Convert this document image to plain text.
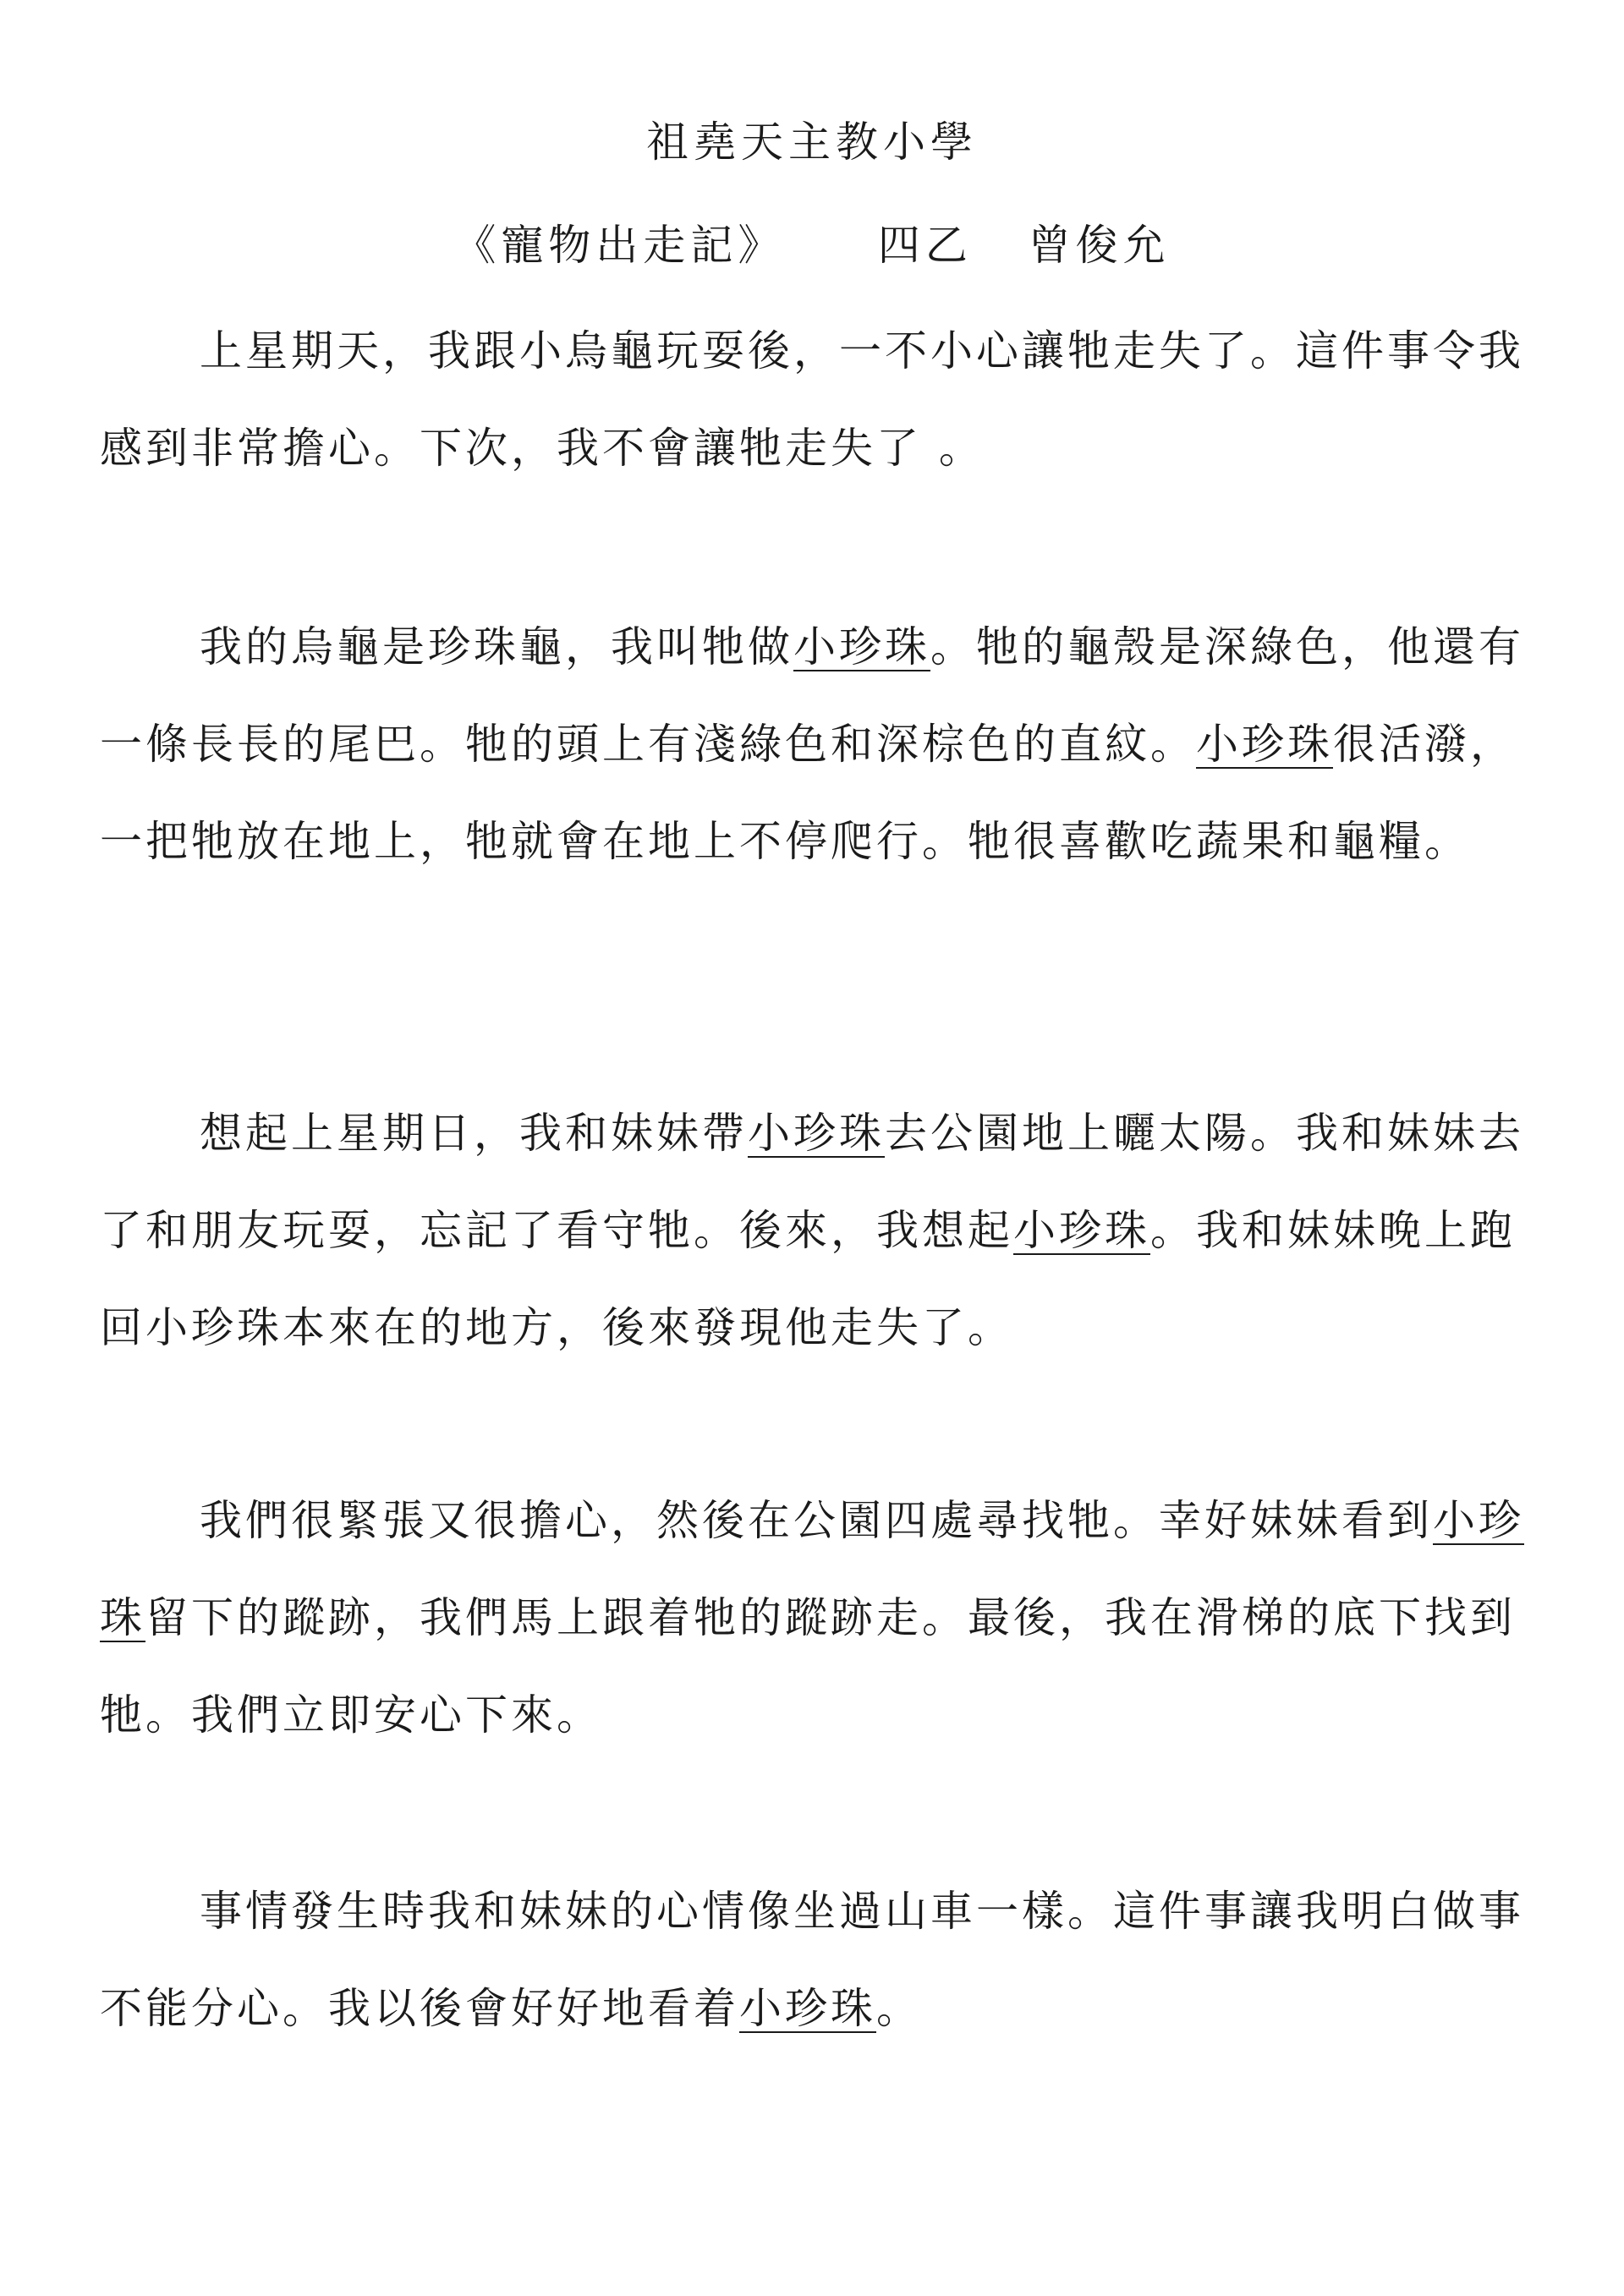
祖堯天主教小學
《寵物出走記》     四乙   曾俊允

上星期天，我跟小烏龜玩耍後，一不小心讓牠走失了。這件事令我感到非常擔心。下次，我不會讓牠走失了 。

我的烏龜是珍珠龜，我叫牠做小珍珠。牠的龜殼是深綠色，他還有一條長長的尾巴。牠的頭上有淺綠色和深棕色的直紋。小珍珠很活潑，一把牠放在地上，牠就會在地上不停爬行。牠很喜歡吃蔬果和龜糧。

想起上星期日，我和妹妹帶小珍珠去公園地上曬太陽。我和妹妹去了和朋友玩耍，忘記了看守牠。後來，我想起小珍珠。我和妹妹晚上跑回小珍珠本來在的地方，後來發現他走失了。

我們很緊張又很擔心，然後在公園四處尋找牠。幸好妹妹看到小珍珠留下的蹤跡，我們馬上跟着牠的蹤跡走。最後，我在滑梯的底下找到牠。我們立即安心下來。

事情發生時我和妹妹的心情像坐過山車一樣。這件事讓我明白做事不能分心。我以後會好好地看着小珍珠。
